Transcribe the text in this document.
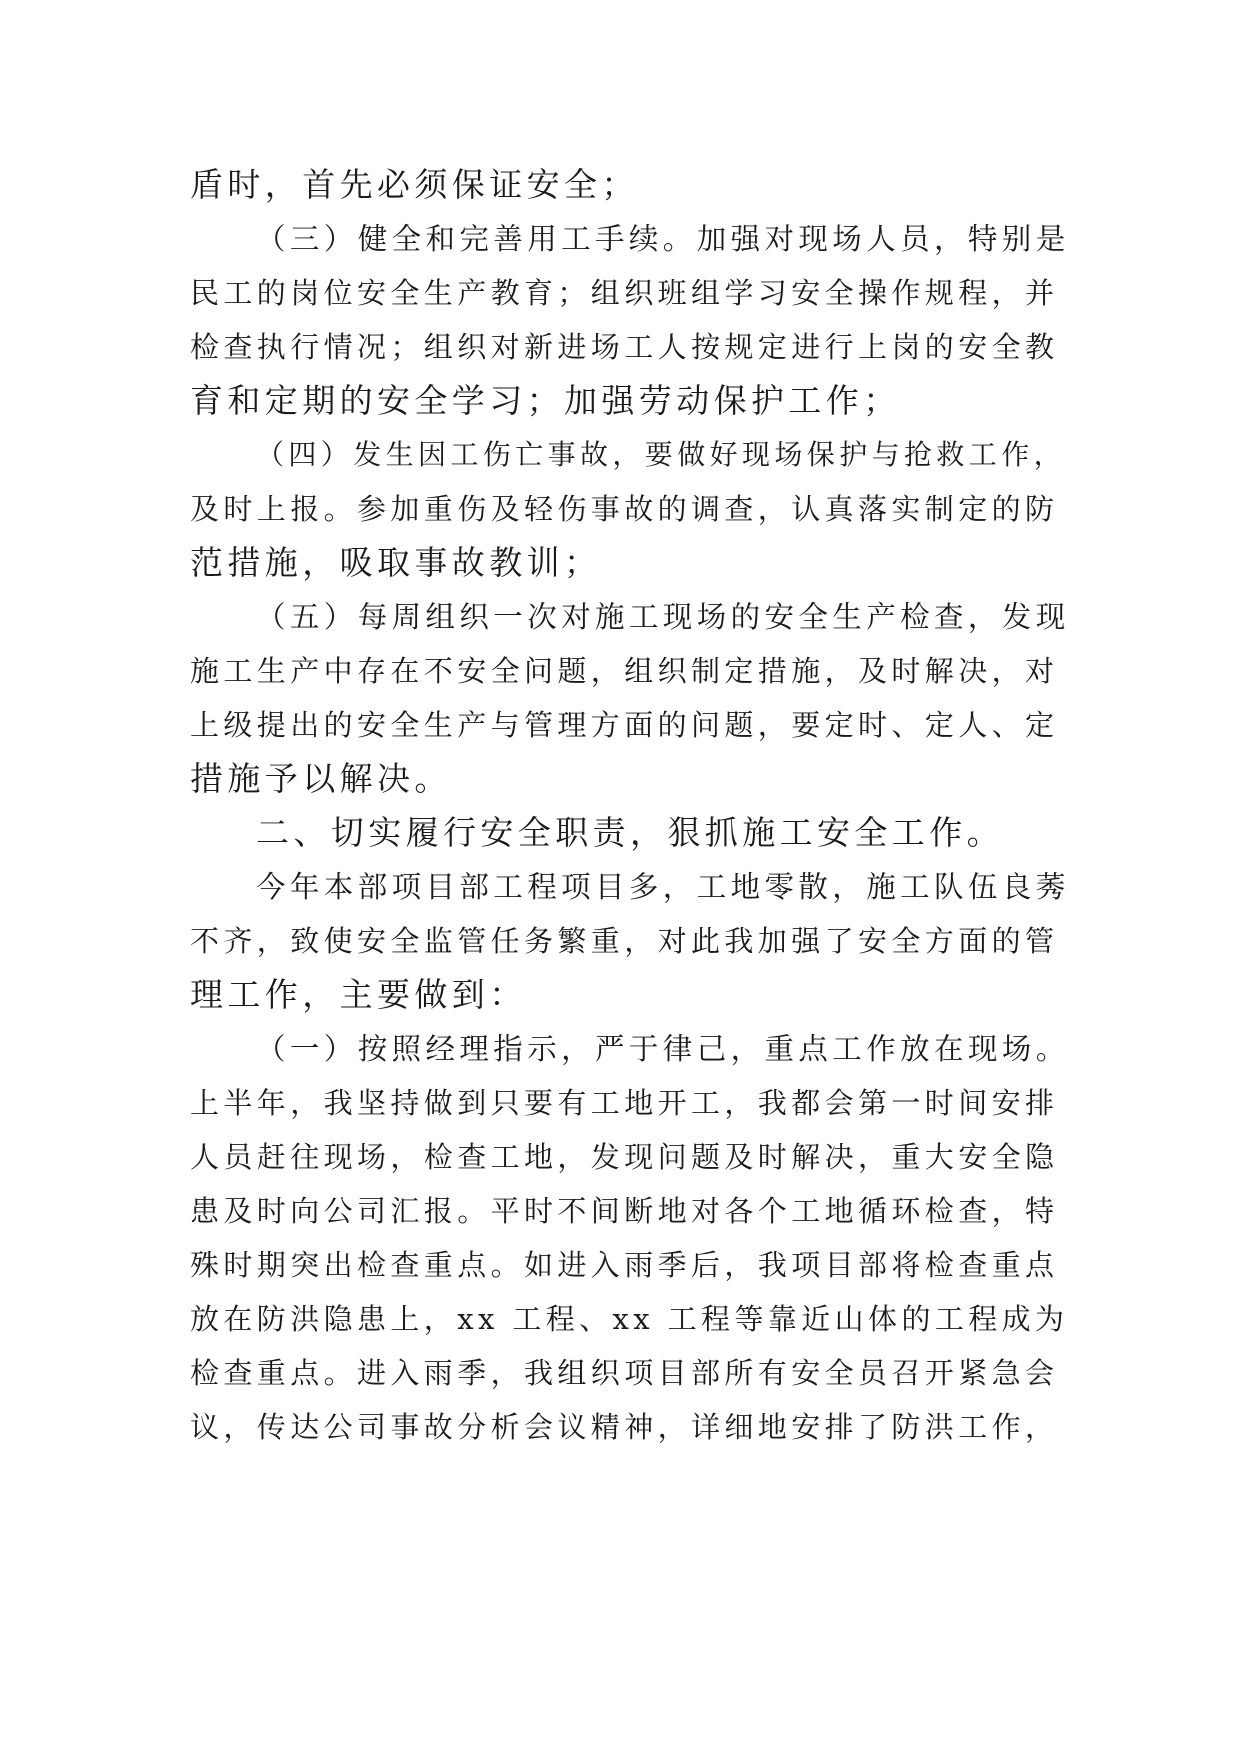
盾时，首先必须保证安全；
（三）健全和完善用工手续。加强对现场人员，特别是
民工的岗位安全生产教育；组织班组学习安全操作规程，并
检查执行情况；组织对新进场工人按规定进行上岗的安全教
育和定期的安全学习；加强劳动保护工作；
（四）发生因工伤亡事故，要做好现场保护与抢救工作，
及时上报。参加重伤及轻伤事故的调查，认真落实制定的防
范措施，吸取事故教训；
（五）每周组织一次对施工现场的安全生产检查，发现
施工生产中存在不安全问题，组织制定措施，及时解决，对
上级提出的安全生产与管理方面的问题，要定时、定人、定
措施予以解决。
二、切实履行安全职责，狠抓施工安全工作。
今年本部项目部工程项目多，工地零散，施工队伍良莠
不齐，致使安全监管任务繁重，对此我加强了安全方面的管
理工作，主要做到：
（一）按照经理指示，严于律己，重点工作放在现场。
上半年，我坚持做到只要有工地开工，我都会第一时间安排
人员赶往现场，检查工地，发现问题及时解决，重大安全隐
患及时向公司汇报。平时不间断地对各个工地循环检查，特
殊时期突出检查重点。如进入雨季后，我项目部将检查重点
放在防洪隐患上，xx 工程、xx 工程等靠近山体的工程成为
检查重点。进入雨季，我组织项目部所有安全员召开紧急会
议，传达公司事故分析会议精神，详细地安排了防洪工作，
